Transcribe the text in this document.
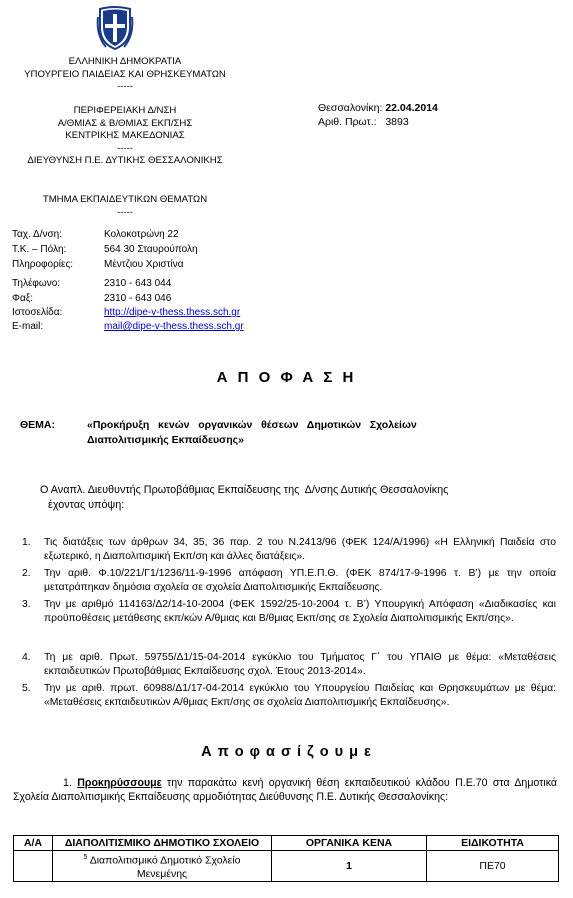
ΕΛΛΗΝΙΚΗ ΔΗΜΟΚΡΑΤΙΑ
ΥΠΟΥΡΓΕΙΟ ΠΑΙΔΕΙΑΣ ΚΑΙ ΘΡΗΣΚΕΥΜΑΤΩΝ
-----
ΠΕΡΙΦΕΡΕΙΑΚΗ Δ/ΝΣΗ
Α/ΘΜΙΑΣ & Β/ΘΜΙΑΣ ΕΚΠ/ΣΗΣ
ΚΕΝΤΡΙΚΗΣ ΜΑΚΕΔΟΝΙΑΣ
-----
ΔΙΕΥΘΥΝΣΗ Π.Ε. ΔΥΤΙΚΗΣ ΘΕΣΣΑΛΟΝΙΚΗΣ
ΤΜΗΜΑ ΕΚΠΑΙΔΕΥΤΙΚΩΝ ΘΕΜΑΤΩΝ
-----
Θεσσαλονίκη: 22.04.2014
Αριθ. Πρωτ.: 3893
Ταχ. Δ/νση:	Κολοκοτρώνη 22
Τ.Κ. – Πόλη:	564 30 Σταυρούπολη
Πληροφορίες:	Μέντζιου Χριστίνα
Τηλέφωνο:	2310 - 643 044
Φαξ:	2310 - 643 046
Ιστοσελίδα:	http://dipe-v-thess.thess.sch.gr
E-mail:	mail@dipe-v-thess.thess.sch.gr
Α Π Ο Φ Α Σ Η
ΘΕΜΑ:	«Προκήρυξη   κενών   οργανικών   θέσεων   Δημοτικών   Σχολείων
Διαπολιτισμικής Εκπαίδευσης»
Ο Αναπλ. Διευθυντής Πρωτοβάθμιας Εκπαίδευσης της  Δ/νσης Δυτικής Θεσσαλονίκης
έχοντας υπόψη:
1. Τις διατάξεις των άρθρων 34, 35, 36 παρ. 2 του Ν.2413/96 (ΦΕΚ 124/Α/1996) «Η Ελληνική Παιδεία στο εξωτερικό, η Διαπολιτισμική Εκπ/ση και άλλες διατάξεις».
2. Την αριθ. Φ.10/221/Γ1/1236/11-9-1996 απόφαση ΥΠ.Ε.Π.Θ. (ΦΕΚ 874/17-9-1996 τ. Β’) με την οποία μετατράπηκαν δημόσια σχολεία σε σχολεία Διαπολιτισμικής Εκπαίδευσης.
3. Την με αριθμό 114163/Δ2/14-10-2004 (ΦΕΚ 1592/25-10-2004 τ. Β’) Υπουργική Απόφαση «Διαδικασίες και προϋποθέσεις μετάθεσης εκπ/κών Α/θμιας και Β/θμιας Εκπ/σης σε Σχολεία Διαπολιτισμικής Εκπ/σης».
4. Τη με αριθ. Πρωτ. 59755/Δ1/15-04-2014 εγκύκλιο του Τμήματος Γ΄ του ΥΠΑΙΘ με θέμα: «Μεταθέσεις εκπαιδευτικών Πρωτοβάθμιας Εκπαίδευσης σχολ. Έτους 2013-2014».
5. Την με αριθ. πρωτ. 60988/Δ1/17-04-2014 εγκύκλιο του Υπουργείου Παιδείας και Θρησκευμάτων με θέμα: «Μεταθέσεις εκπαιδευτικών Α/θμιας Εκπ/σης σε σχολεία Διαπολιτισμικής Εκπαίδευσης».
Α π ο φ α σ ί ζ ο υ μ ε
1. Προκηρύσσουμε την παρακάτω κενή οργανική θέση εκπαιδευτικού κλάδου Π.Ε.70 στα Δημοτικά Σχολεία Διαπολιτισμικής Εκπαίδευσης αρμοδιότητας Διεύθυνσης Π.Ε. Δυτικής Θεσσαλονίκης:
Α/Α	ΔΙΑΠΟΛΙΤΙΣΜΙΚΟ ΔΗΜΟΤΙΚΟ ΣΧΟΛΕΙΟ	ΟΡΓΑΝΙΚΑ ΚΕΝΑ	ΕΙΔΙΚΟΤΗΤΑ

	$^5$ Διαπολιτισμικό Δημοτικό Σχολείο
Μενεμένης	1	ΠΕ70
